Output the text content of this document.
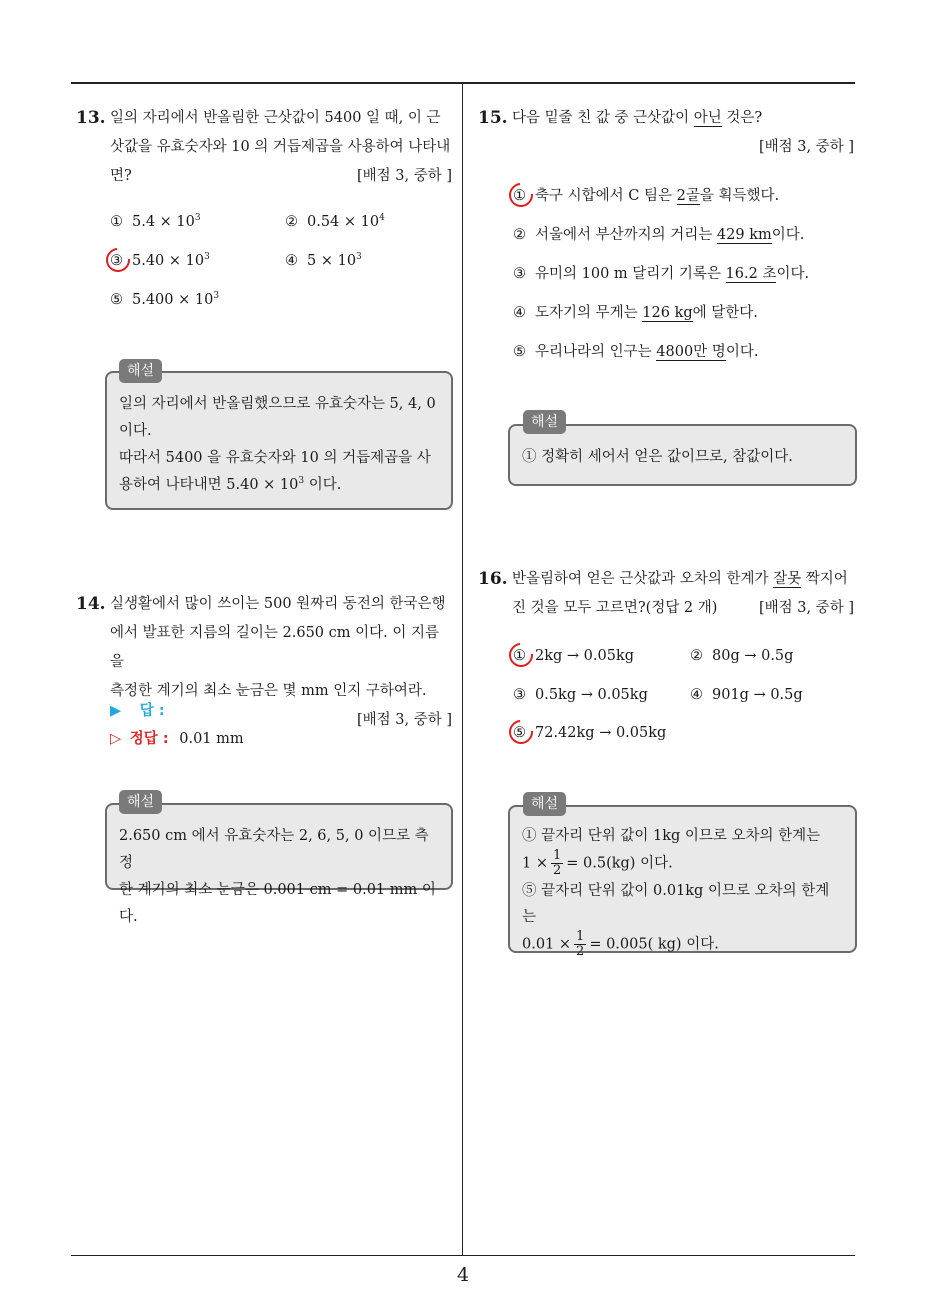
4
13. 일의 자리에서 반올림한 근삿값이 5400 일 때, 이 근
삿값을 유효숫자와 10 의 거듭제곱을 사용하여 나타내
면?	[배점 3, 중하 ]
① $5.4 \times 10^3$	② $0.54 \times 10^4$
③ $5.40 \times 10^3$	④ $5 \times 10^3$
⑤ $5.400 \times 10^3$
일의 자리에서 반올림했으므로 유효숫자는 5, 4, 0
이다.
따라서 5400 을 유효숫자와 10 의 거듭제곱을 사
용하여 나타내면 $5.40 \times 10^3$ 이다.
해설
14. 실생활에서 많이 쓰이는 500 원짜리 동전의 한국은행
에서 발표한 지름의 길이는 2.650 cm 이다. 이 지름을
측정한 계기의 최소 눈금은 몇 mm 인지 구하여라.
[배점 3, 중하 ]
▶ 답 :
▷ 정답 : 0.01 mm
2.650 cm 에서 유효숫자는 2, 6, 5, 0 이므로 측정
한 계기의 최소 눈금은 0.001 cm = 0.01 mm 이다.
해설
15. 다음 밑줄 친 값 중 근삿값이 아닌 것은?
[배점 3, 중하 ]
① 축구 시합에서 C 팀은 2골을 획득했다.
② 서울에서 부산까지의 거리는 429 km이다.
③ 유미의 100 m 달리기 기록은 16.2 초이다.
④ 도자기의 무게는 126 kg에 달한다.
⑤ 우리나라의 인구는 4800만 명이다.
① 정확히 세어서 얻은 값이므로, 참값이다.
해설
16. 반올림하여 얻은 근삿값과 오차의 한계가 잘못 짝지어
진 것을 모두 고르면?(정답 2 개)	[배점 3, 중하 ]
① 2kg → 0.05kg	② 80g → 0.5g
③ 0.5kg → 0.05kg	④ 901g → 0.5g
⑤ 72.42kg → 0.05kg
① 끝자리 단위 값이 1kg 이므로 오차의 한계는
$1 \times \frac{1}{2} = 0.5(kg)$ 이다.
⑤ 끝자리 단위 값이 0.01kg 이므로 오차의 한계는
$0.01 \times \frac{1}{2} = 0.005$( kg) 이다.
해설
